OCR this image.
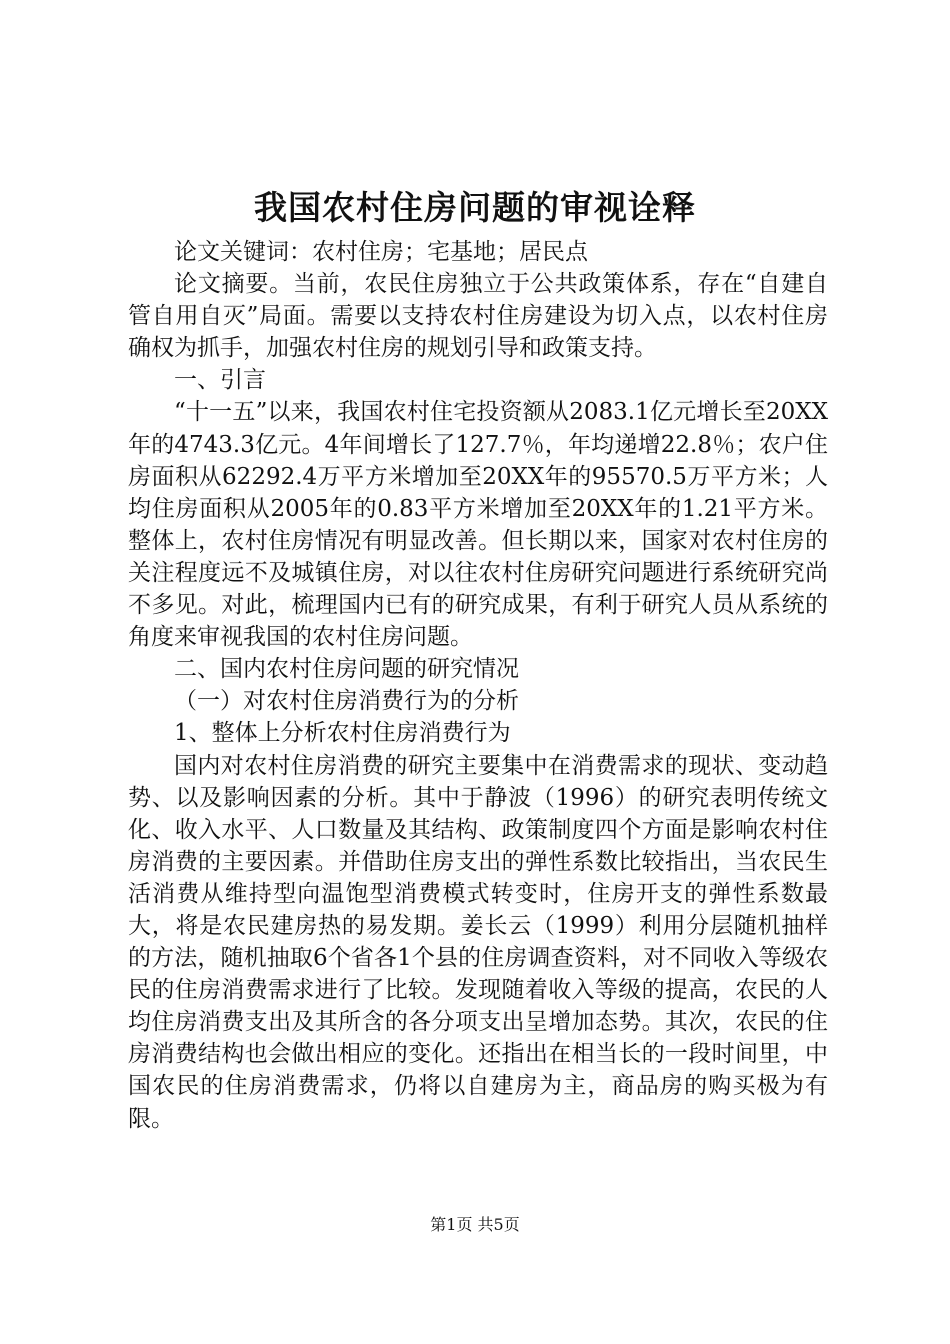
我国农村住房问题的审视诠释

论文关键词：农村住房；宅基地；居民点

论文摘要。当前，农民住房独立于公共政策体系，存在“自建自管自用自灭”局面。需要以支持农村住房建设为切入点，以农村住房确权为抓手，加强农村住房的规划引导和政策支持。

一、引言

“十一五”以来，我国农村住宅投资额从2083.1亿元增长至20XX年的4743.3亿元。4年间增长了127.7％，年均递增22.8％；农户住房面积从62292.4万平方米增加至20XX年的95570.5万平方米；人均住房面积从2005年的0.83平方米增加至20XX年的1.21平方米。整体上，农村住房情况有明显改善。但长期以来，国家对农村住房的关注程度远不及城镇住房，对以往农村住房研究问题进行系统研究尚不多见。对此，梳理国内已有的研究成果，有利于研究人员从系统的角度来审视我国的农村住房问题。

二、国内农村住房问题的研究情况

（一）对农村住房消费行为的分析

1、整体上分析农村住房消费行为

国内对农村住房消费的研究主要集中在消费需求的现状、变动趋势、以及影响因素的分析。其中于静波（1996）的研究表明传统文化、收入水平、人口数量及其结构、政策制度四个方面是影响农村住房消费的主要因素。并借助住房支出的弹性系数比较指出，当农民生活消费从维持型向温饱型消费模式转变时，住房开支的弹性系数最大，将是农民建房热的易发期。姜长云（1999）利用分层随机抽样的方法，随机抽取6个省各1个县的住房调查资料，对不同收入等级农民的住房消费需求进行了比较。发现随着收入等级的提高，农民的人均住房消费支出及其所含的各分项支出呈增加态势。其次，农民的住房消费结构也会做出相应的变化。还指出在相当长的一段时间里，中国农民的住房消费需求，仍将以自建房为主，商品房的购买极为有限。

第1页 共5页
